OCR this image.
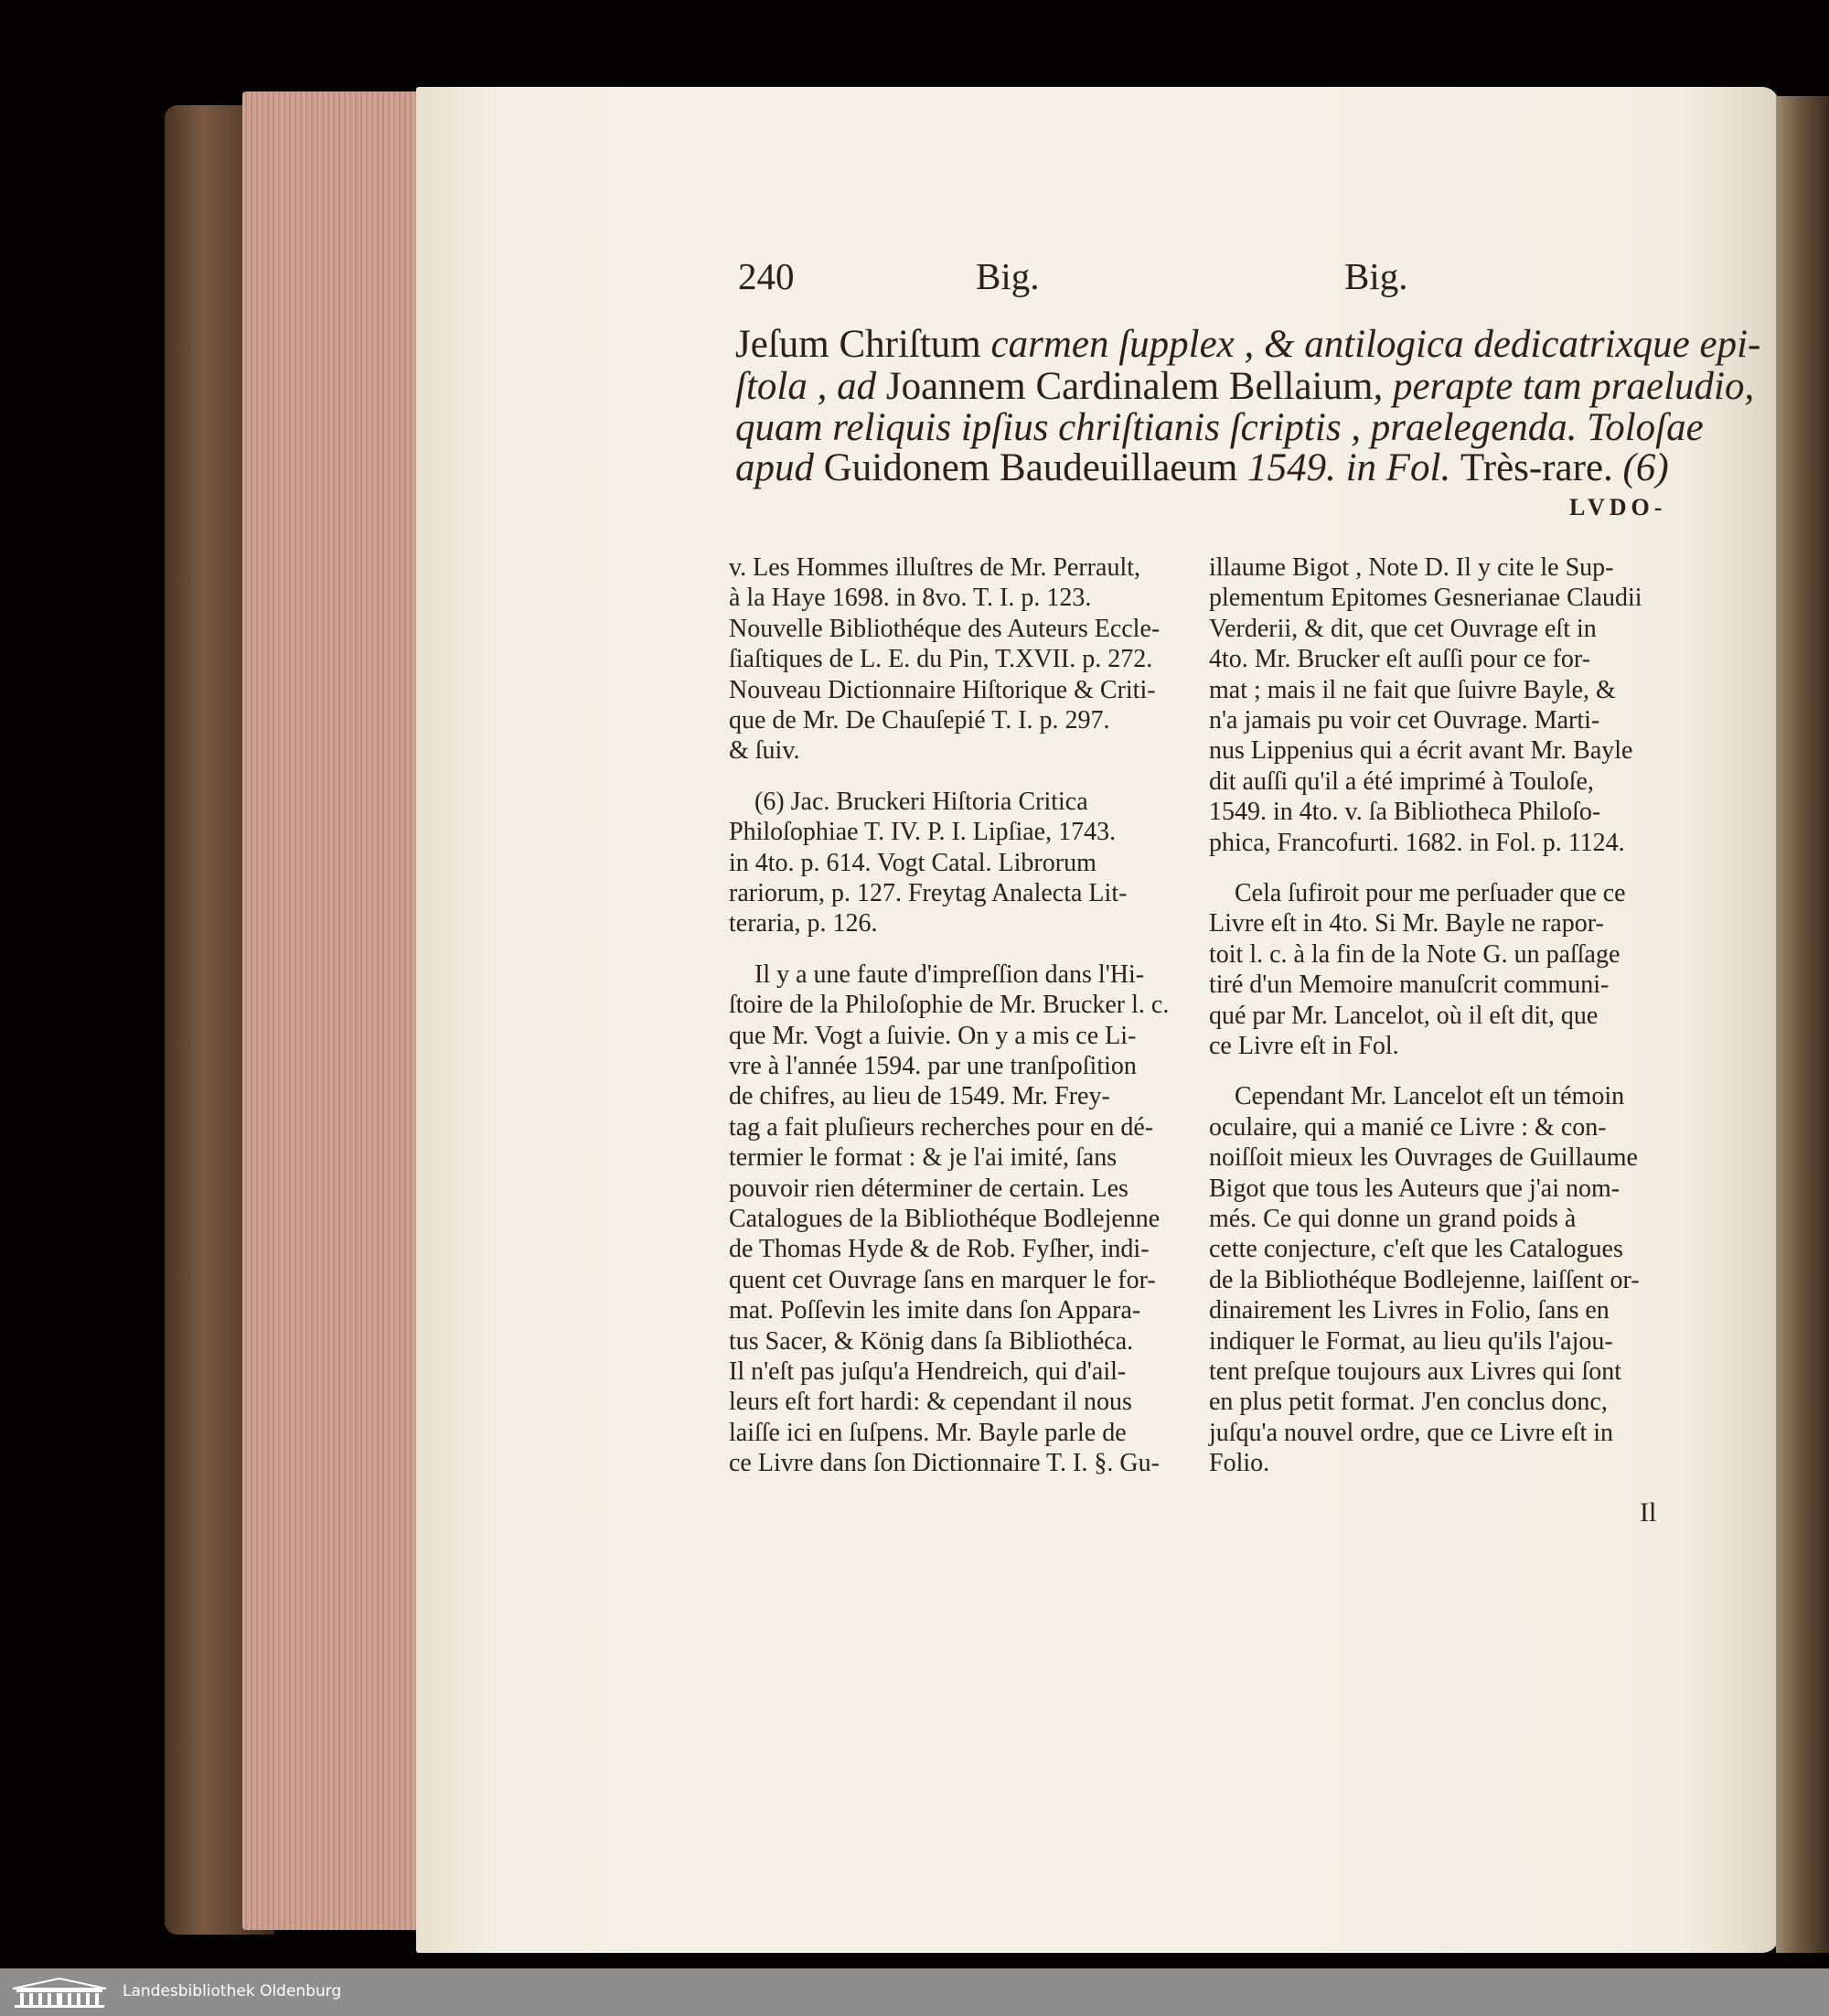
240	Big.	Big.
Jeſum Chriſtum carmen ſupplex , & antilogica dedicatrixque epi-
ſtola , ad Joannem Cardinalem Bellaium, perapte tam praeludio,
quam reliquis ipſius chriſtianis ſcriptis , praelegenda. Toloſae
apud Guidonem Baudeuillaeum 1549. in Fol. Très-rare. (6)
LVDO-
v. Les Hommes illuſtres de Mr. Perrault,
à la Haye 1698. in 8vo. T. I. p. 123.
Nouvelle Bibliothéque des Auteurs Eccle-
ſiaſtiques de L. E. du Pin, T.XVII. p. 272.
Nouveau Dictionnaire Hiſtorique & Criti-
que de Mr. De Chauſepié T. I. p. 297.
& ſuiv.
(6) Jac. Bruckeri Hiſtoria Critica
Philoſophiae T. IV. P. I. Lipſiae, 1743.
in 4to. p. 614. Vogt Catal. Librorum
rariorum, p. 127. Freytag Analecta Lit-
teraria, p. 126.
Il y a une faute d'impreſſion dans l'Hi-
ſtoire de la Philoſophie de Mr. Brucker l. c.
que Mr. Vogt a ſuivie. On y a mis ce Li-
vre à l'année 1594. par une tranſpoſition
de chifres, au lieu de 1549. Mr. Frey-
tag a fait pluſieurs recherches pour en dé-
termier le format : & je l'ai imité, ſans
pouvoir rien déterminer de certain. Les
Catalogues de la Bibliothéque Bodlejenne
de Thomas Hyde & de Rob. Fyſher, indi-
quent cet Ouvrage ſans en marquer le for-
mat. Poſſevin les imite dans ſon Appara-
tus Sacer, & König dans ſa Bibliothéca.
Il n'eſt pas juſqu'a Hendreich, qui d'ail-
leurs eſt fort hardi: & cependant il nous
laiſſe ici en ſuſpens. Mr. Bayle parle de
ce Livre dans ſon Dictionnaire T. I. §. Gu-
illaume Bigot , Note D. Il y cite le Sup-
plementum Epitomes Gesnerianae Claudii
Verderii, & dit, que cet Ouvrage eſt in
4to. Mr. Brucker eſt auſſi pour ce for-
mat ; mais il ne fait que ſuivre Bayle, &
n'a jamais pu voir cet Ouvrage. Marti-
nus Lippenius qui a écrit avant Mr. Bayle
dit auſſi qu'il a été imprimé à Touloſe,
1549. in 4to. v. ſa Bibliotheca Philoſo-
phica, Francofurti. 1682. in Fol. p. 1124.
Cela ſufiroit pour me perſuader que ce
Livre eſt in 4to. Si Mr. Bayle ne rapor-
toit l. c. à la fin de la Note G. un paſſage
tiré d'un Memoire manuſcrit communi-
qué par Mr. Lancelot, où il eſt dit, que
ce Livre eſt in Fol.
Cependant Mr. Lancelot eſt un témoin
oculaire, qui a manié ce Livre : & con-
noiſſoit mieux les Ouvrages de Guillaume
Bigot que tous les Auteurs que j'ai nom-
més. Ce qui donne un grand poids à
cette conjecture, c'eſt que les Catalogues
de la Bibliothéque Bodlejenne, laiſſent or-
dinairement les Livres in Folio, ſans en
indiquer le Format, au lieu qu'ils l'ajou-
tent preſque toujours aux Livres qui ſont
en plus petit format. J'en conclus donc,
juſqu'a nouvel ordre, que ce Livre eſt in
Folio.
Il
Landesbibliothek Oldenburg
